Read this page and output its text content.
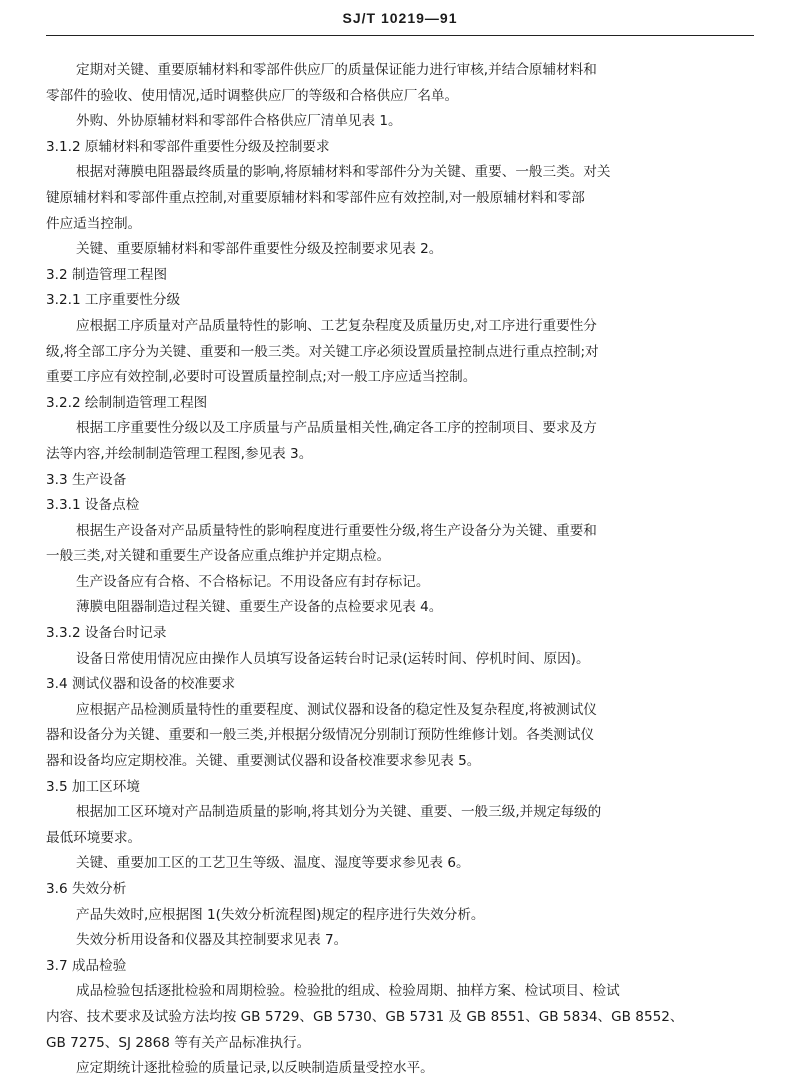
SJ/T 10219—91
定期对关键、重要原辅材料和零部件供应厂的质量保证能力进行审核,并结合原辅材料和
零部件的验收、使用情况,适时调整供应厂的等级和合格供应厂名单。
外购、外协原辅材料和零部件合格供应厂清单见表 1。
3.1.2 原辅材料和零部件重要性分级及控制要求
根据对薄膜电阻器最终质量的影响,将原辅材料和零部件分为关键、重要、一般三类。对关
键原辅材料和零部件重点控制,对重要原辅材料和零部件应有效控制,对一般原辅材料和零部
件应适当控制。
关键、重要原辅材料和零部件重要性分级及控制要求见表 2。
3.2 制造管理工程图
3.2.1 工序重要性分级
应根据工序质量对产品质量特性的影响、工艺复杂程度及质量历史,对工序进行重要性分
级,将全部工序分为关键、重要和一般三类。对关键工序必须设置质量控制点进行重点控制;对
重要工序应有效控制,必要时可设置质量控制点;对一般工序应适当控制。
3.2.2 绘制制造管理工程图
根据工序重要性分级以及工序质量与产品质量相关性,确定各工序的控制项目、要求及方
法等内容,并绘制制造管理工程图,参见表 3。
3.3 生产设备
3.3.1 设备点检
根据生产设备对产品质量特性的影响程度进行重要性分级,将生产设备分为关键、重要和
一般三类,对关键和重要生产设备应重点维护并定期点检。
生产设备应有合格、不合格标记。不用设备应有封存标记。
薄膜电阻器制造过程关键、重要生产设备的点检要求见表 4。
3.3.2 设备台时记录
设备日常使用情况应由操作人员填写设备运转台时记录(运转时间、停机时间、原因)。
3.4 测试仪器和设备的校准要求
应根据产品检测质量特性的重要程度、测试仪器和设备的稳定性及复杂程度,将被测试仪
器和设备分为关键、重要和一般三类,并根据分级情况分别制订预防性维修计划。各类测试仪
器和设备均应定期校准。关键、重要测试仪器和设备校准要求参见表 5。
3.5 加工区环境
根据加工区环境对产品制造质量的影响,将其划分为关键、重要、一般三级,并规定每级的
最低环境要求。
关键、重要加工区的工艺卫生等级、温度、湿度等要求参见表 6。
3.6 失效分析
产品失效时,应根据图 1(失效分析流程图)规定的程序进行失效分析。
失效分析用设备和仪器及其控制要求见表 7。
3.7 成品检验
成品检验包括逐批检验和周期检验。检验批的组成、检验周期、抽样方案、检试项目、检试
内容、技术要求及试验方法均按 GB 5729、GB 5730、GB 5731 及 GB 8551、GB 5834、GB 8552、
GB 7275、SJ 2868 等有关产品标准执行。
应定期统计逐批检验的质量记录,以反映制造质量受控水平。
